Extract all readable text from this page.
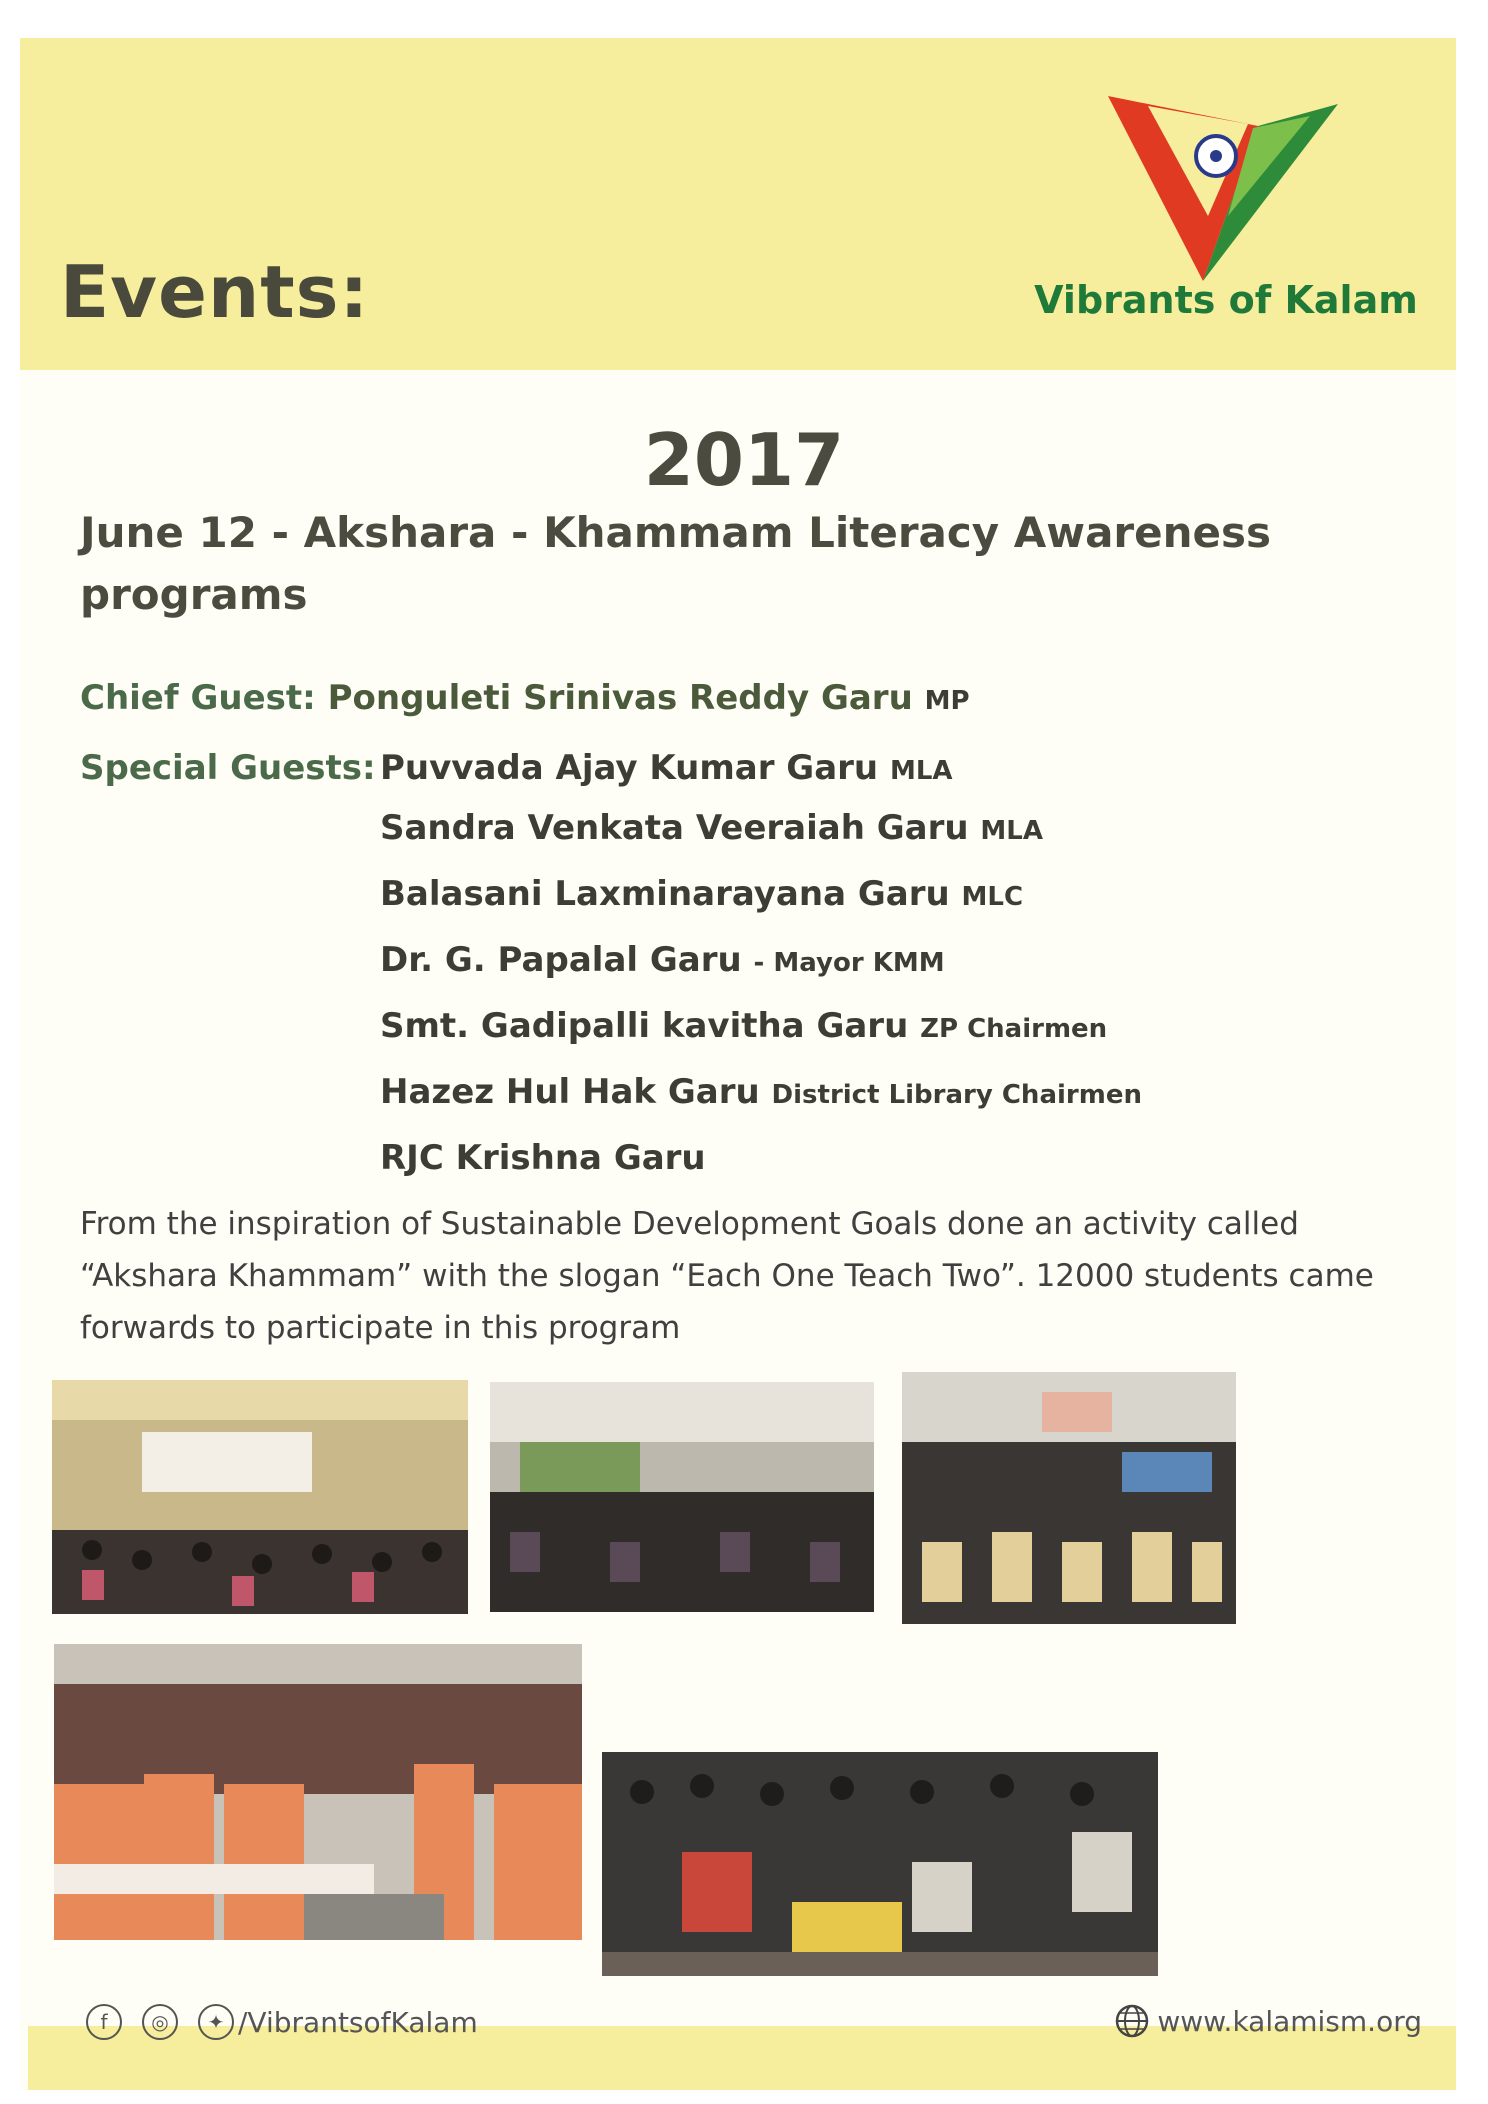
Events:	Vibrants of Kalam
2017
June 12 - Akshara - Khammam Literacy Awareness programs
Chief Guest: Ponguleti Srinivas Reddy Garu MP
Special Guests: Puvvada Ajay Kumar Garu MLA
Sandra Venkata Veeraiah Garu MLA
Balasani Laxminarayana Garu MLC
Dr. G. Papalal Garu - Mayor KMM
Smt. Gadipalli kavitha Garu ZP Chairmen
Hazez Hul Hak Garu District Library Chairmen
RJC Krishna Garu
From the inspiration of Sustainable Development Goals done an activity called “Akshara Khammam” with the slogan “Each One Teach Two”. 12000 students came forwards to participate in this program
f	◎	✦ /VibrantsofKalam	www.kalamism.org
